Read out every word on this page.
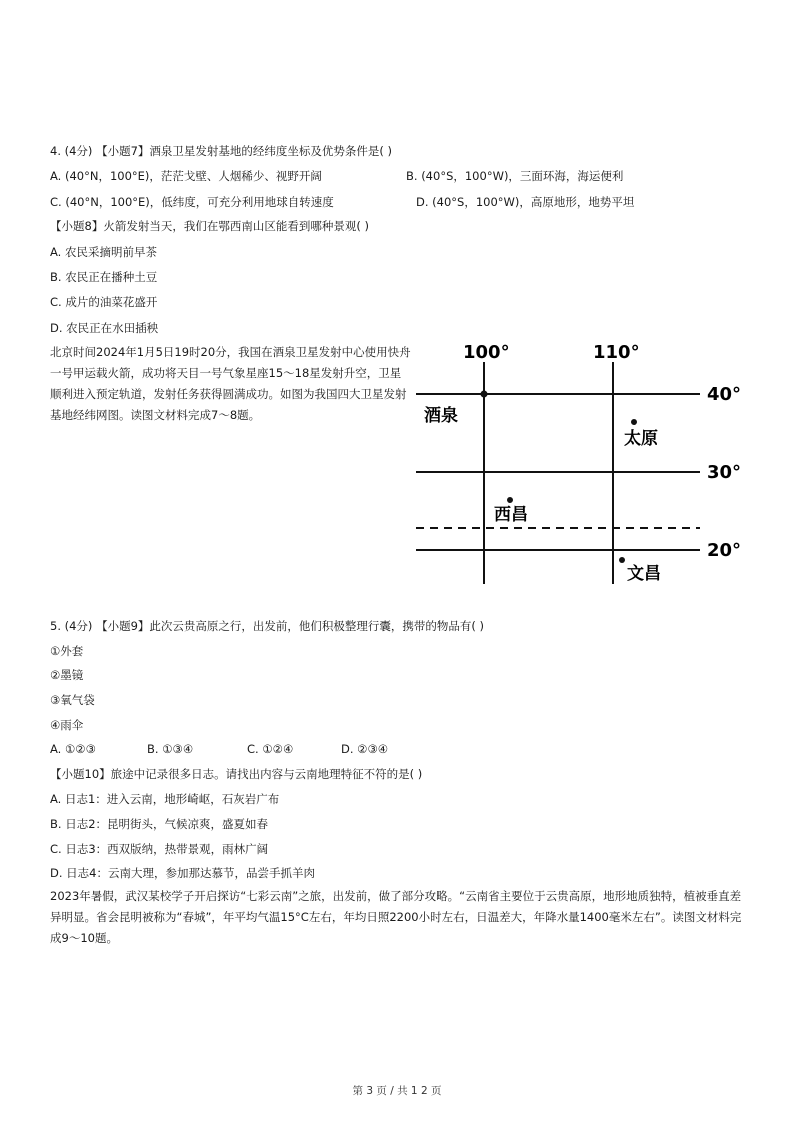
4. (4分) 【小题7】酒泉卫星发射基地的经纬度坐标及优势条件是( )
A. (40°N，100°E)，茫茫戈壁、人烟稀少、视野开阔	B. (40°S，100°W)，三面环海，海运便利
C. (40°N，100°E)，低纬度，可充分利用地球自转速度	D. (40°S，100°W)，高原地形，地势平坦
【小题8】火箭发射当天，我们在鄂西南山区能看到哪种景观( )
A. 农民采摘明前早茶
B. 农民正在播种土豆
C. 成片的油菜花盛开
D. 农民正在水田插秧
北京时间2024年1月5日19时20分，我国在酒泉卫星发射中心使用快舟一号甲运载火箭，成功将天目一号气象星座15～18星发射升空，卫星顺利进入预定轨道，发射任务获得圆满成功。如图为我国四大卫星发射基地经纬网图。读图文材料完成7～8题。
100°	110°
40°
30°
20°
酒泉
太原
西昌
文昌
5. (4分) 【小题9】此次云贵高原之行，出发前，他们积极整理行囊，携带的物品有( )
①外套
②墨镜
③氧气袋
④雨伞
A. ①②③	B. ①③④	C. ①②④	D. ②③④
【小题10】旅途中记录很多日志。请找出内容与云南地理特征不符的是( )
A. 日志1：进入云南，地形崎岖，石灰岩广布
B. 日志2：昆明街头，气候凉爽，盛夏如春
C. 日志3：西双版纳，热带景观，雨林广阔
D. 日志4：云南大理，参加那达慕节，品尝手抓羊肉
2023年暑假，武汉某校学子开启探访“七彩云南”之旅，出发前，做了部分攻略。“云南省主要位于云贵高原，地形地质独特，植被垂直差异明显。省会昆明被称为“春城”，年平均气温15°C左右，年均日照2200小时左右，日温差大，年降水量1400毫米左右”。读图文材料完成9～10题。
第 3 页 / 共 1 2 页
